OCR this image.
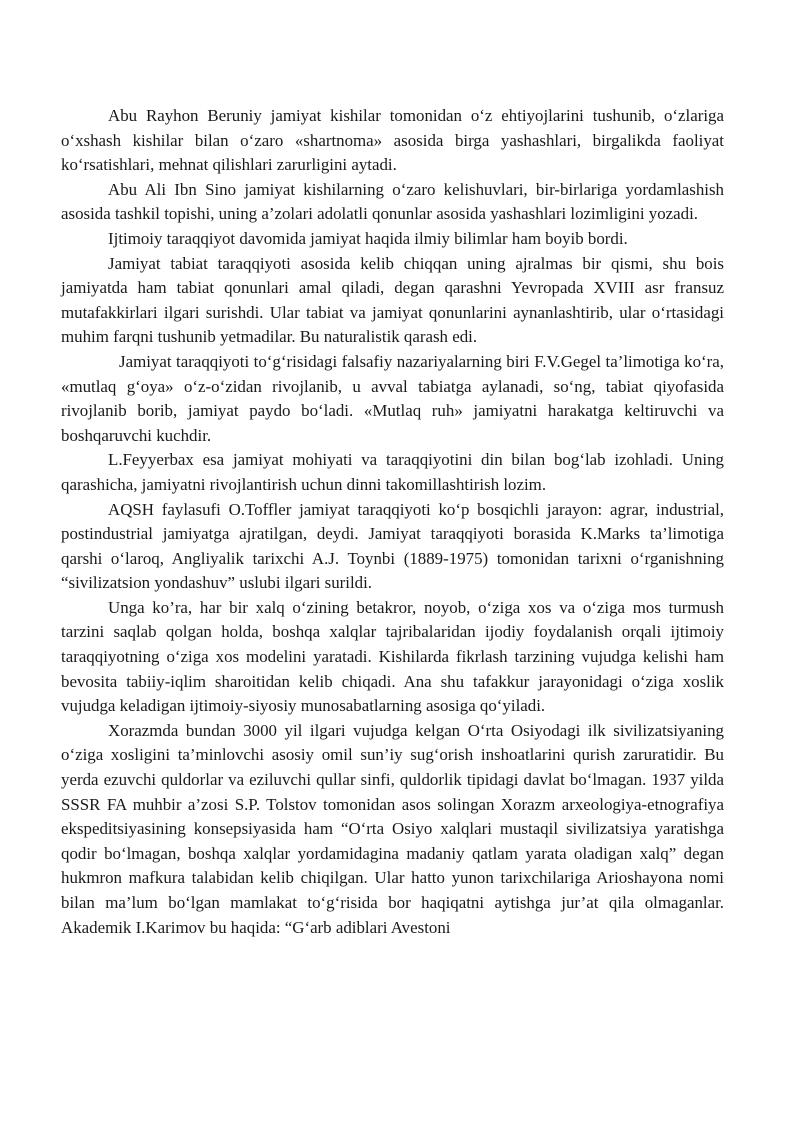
Abu Rayhon Beruniy jamiyat kishilar tomonidan o‘z ehtiyojlarini tushunib, o‘zlariga o‘xshash kishilar bilan o‘zaro «shartnoma» asosida birga yashashlari, birgalikda faoliyat ko‘rsatishlari, mehnat qilishlari zarurligini aytadi.

Abu Ali Ibn Sino jamiyat kishilarning o‘zaro kelishuvlari, bir-birlariga yordamlashish asosida tashkil topishi, uning a’zolari adolatli qonunlar asosida yashashlari lozimligini yozadi.

Ijtimoiy taraqqiyot davomida jamiyat haqida ilmiy bilimlar ham boyib bordi.

Jamiyat tabiat taraqqiyoti asosida kelib chiqqan uning ajralmas bir qismi, shu bois jamiyatda ham tabiat qonunlari amal qiladi, degan qarashni Yevropada XVIII asr fransuz mutafakkirlari ilgari surishdi. Ular tabiat va jamiyat qonunlarini aynanlashtirib, ular o‘rtasidagi muhim farqni tushunib yetmadilar. Bu naturalistik qarash edi.

Jamiyat taraqqiyoti to‘g‘risidagi falsafiy nazariyalarning biri F.V.Gegel ta’limotiga ko‘ra, «mutlaq g‘oya» o‘z-o‘zidan rivojlanib, u avval tabiatga aylanadi, so‘ng, tabiat qiyofasida rivojlanib borib, jamiyat paydo bo‘ladi. «Mutlaq ruh» jamiyatni harakatga keltiruvchi va boshqaruvchi kuchdir.

L.Feyyerbax esa jamiyat mohiyati va taraqqiyotini din bilan bog‘lab izohladi. Uning qarashicha, jamiyatni rivojlantirish uchun dinni takomillashtirish lozim.

AQSH faylasufi O.Toffler jamiyat taraqqiyoti ko‘p bosqichli jarayon: agrar, industrial, postindustrial jamiyatga ajratilgan, deydi. Jamiyat taraqqiyoti borasida K.Marks ta’limotiga qarshi o‘laroq, Angliyalik tarixchi A.J. Toynbi (1889-1975) tomonidan tarixni o‘rganishning “sivilizatsion yondashuv” uslubi ilgari surildi.

Unga ko’ra, har bir xalq o‘zining betakror, noyob, o‘ziga xos va o‘ziga mos turmush tarzini saqlab qolgan holda, boshqa xalqlar tajribalaridan ijodiy foydalanish orqali ijtimoiy taraqqiyotning o‘ziga xos modelini yaratadi. Kishilarda fikrlash tarzining vujudga kelishi ham bevosita tabiiy-iqlim sharoitidan kelib chiqadi. Ana shu tafakkur jarayonidagi o‘ziga xoslik vujudga keladigan ijtimoiy-siyosiy munosabatlarning asosiga qo‘yiladi.

Xorazmda bundan 3000 yil ilgari vujudga kelgan O‘rta Osiyodagi ilk sivilizatsiyaning o‘ziga xosligini ta’minlovchi asosiy omil sun’iy sug‘orish inshoatlarini qurish zaruratidir. Bu yerda ezuvchi quldorlar va eziluvchi qullar sinfi, quldorlik tipidagi davlat bo‘lmagan. 1937 yilda SSSR FA muhbir a’zosi S.P. Tolstov tomonidan asos solingan Xorazm arxeologiya-etnografiya ekspeditsiyasining konsepsiyasida ham “O‘rta Osiyo xalqlari mustaqil sivilizatsiya yaratishga qodir bo‘lmagan, boshqa xalqlar yordamidagina madaniy qatlam yarata oladigan xalq” degan hukmron mafkura talabidan kelib chiqilgan. Ular hatto yunon tarixchilariga Arioshayona nomi bilan ma’lum bo‘lgan mamlakat to‘g‘risida bor haqiqatni aytishga jur’at qila olmaganlar. Akademik I.Karimov bu haqida: “G‘arb adiblari Avestoni
